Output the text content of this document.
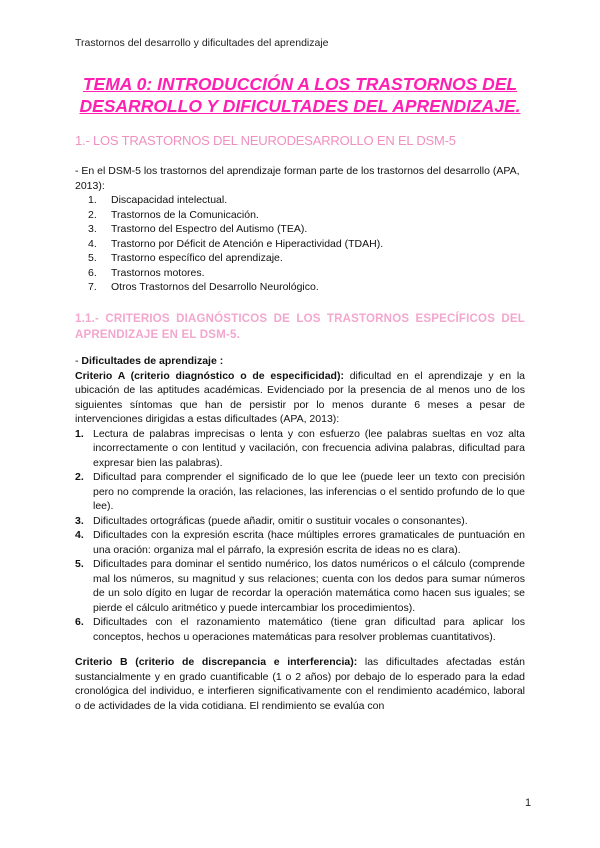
Trastornos del desarrollo y dificultades del aprendizaje
TEMA 0: INTRODUCCIÓN A LOS TRASTORNOS DEL DESARROLLO Y DIFICULTADES DEL APRENDIZAJE.
1.- LOS TRASTORNOS DEL NEURODESARROLLO EN EL DSM-5
- En el DSM-5 los trastornos del aprendizaje forman parte de los trastornos del desarrollo (APA, 2013):
1. Discapacidad intelectual.
2. Trastornos de la Comunicación.
3. Trastorno del Espectro del Autismo (TEA).
4. Trastorno por Déficit de Atención e Hiperactividad (TDAH).
5. Trastorno específico del aprendizaje.
6. Trastornos motores.
7. Otros Trastornos del Desarrollo Neurológico.
1.1.- CRITERIOS DIAGNÓSTICOS DE LOS TRASTORNOS ESPECÍFICOS DEL APRENDIZAJE EN EL DSM-5.

- Dificultades de aprendizaje :

Criterio A (criterio diagnóstico o de especificidad): dificultad en el aprendizaje y en la ubicación de las aptitudes académicas. Evidenciado por la presencia de al menos uno de los siguientes síntomas que han de persistir por lo menos durante 6 meses a pesar de intervenciones dirigidas a estas dificultades (APA, 2013):

1. Lectura de palabras imprecisas o lenta y con esfuerzo (lee palabras sueltas en voz alta incorrectamente o con lentitud y vacilación, con frecuencia adivina palabras, dificultad para expresar bien las palabras).
2. Dificultad para comprender el significado de lo que lee (puede leer un texto con precisión pero no comprende la oración, las relaciones, las inferencias o el sentido profundo de lo que lee).
3. Dificultades ortográficas (puede añadir, omitir o sustituir vocales o consonantes).
4. Dificultades con la expresión escrita (hace múltiples errores gramaticales de puntuación en una oración: organiza mal el párrafo, la expresión escrita de ideas no es clara).
5. Dificultades para dominar el sentido numérico, los datos numéricos o el cálculo (comprende mal los números, su magnitud y sus relaciones; cuenta con los dedos para sumar números de un solo dígito en lugar de recordar la operación matemática como hacen sus iguales; se pierde el cálculo aritmético y puede intercambiar los procedimientos).
6. Dificultades con el razonamiento matemático (tiene gran dificultad para aplicar los conceptos, hechos u operaciones matemáticas para resolver problemas cuantitativos).

Criterio B (criterio de discrepancia e interferencia): las dificultades afectadas están sustancialmente y en grado cuantificable (1 o 2 años) por debajo de lo esperado para la edad cronológica del individuo, e interfieren significativamente con el rendimiento académico, laboral o de actividades de la vida cotidiana. El rendimiento se evalúa con

1
